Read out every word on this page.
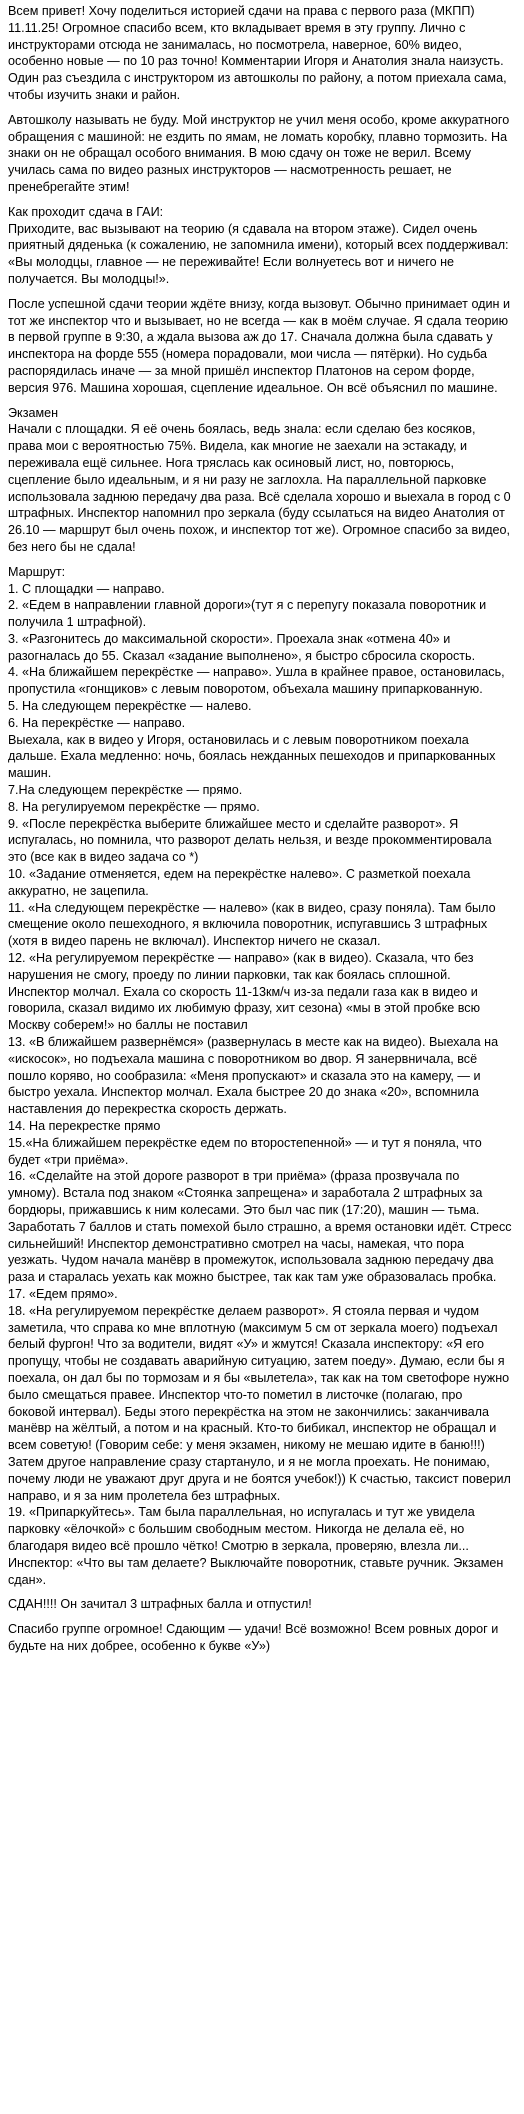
Всем привет! Хочу поделиться историей сдачи на права с первого раза (МКПП) 11.11.25! Огромное спасибо всем, кто вкладывает время в эту группу. Лично с инструкторами отсюда не занималась, но посмотрела, наверное, 60% видео, особенно новые — по 10 раз точно! Комментарии Игоря и Анатолия знала наизусть. Один раз съездила с инструктором из автошколы по району, а потом приехала сама, чтобы изучить знаки и район.

Автошколу называть не буду. Мой инструктор не учил меня особо, кроме аккуратного обращения с машиной: не ездить по ямам, не ломать коробку, плавно тормозить. На знаки он не обращал особого внимания. В мою сдачу он тоже не верил. Всему училась сама по видео разных инструкторов — насмотренность решает, не пренебрегайте этим!

Как проходит сдача в ГАИ:
Приходите, вас вызывают на теорию (я сдавала на втором этаже). Сидел очень приятный дяденька (к сожалению, не запомнила имени), который всех поддерживал: «Вы молодцы, главное — не переживайте! Если волнуетесь вот и ничего не получается. Вы молодцы!».
После успешной сдачи теории ждёте внизу, когда вызовут. Обычно принимает один и тот же инспектор что и вызывает, но не всегда — как в моём случае. Я сдала теорию в первой группе в 9:30, а ждала вызова аж до 17. Сначала должна была сдавать у инспектора на форде 555 (номера порадовали, мои числа — пятёрки). Но судьба распорядилась иначе — за мной пришёл инспектор Платонов на сером форде, версия 976. Машина хорошая, сцепление идеальное. Он всё объяснил по машине.
Экзамен
Начали с площадки. Я её очень боялась, ведь знала: если сделаю без косяков, права мои с вероятностью 75%. Видела, как многие не заехали на эстакаду, и переживала ещё сильнее. Нога тряслась как осиновый лист, но, повторюсь, сцепление было идеальным, и я ни разу не заглохла. На параллельной парковке использовала заднюю передачу два раза. Всё сделала хорошо и выехала в город с 0 штрафных. Инспектор напомнил про зеркала (буду ссылаться на видео Анатолия от 26.10 — маршрут был очень похож, и инспектор тот же). Огромное спасибо за видео, без него бы не сдала!
Маршрут:
1. С площадки — направо.
2. «Едем в направлении главной дороги»(тут я с перепугу показала поворотник и получила 1 штрафной).
3. «Разгонитесь до максимальной скорости». Проехала знак «отмена 40» и разогналась до 55. Сказал «задание выполнено», я быстро сбросила скорость.
4. «На ближайшем перекрёстке — направо». Ушла в крайнее правое, остановилась, пропустила «гонщиков» с левым поворотом, объехала машину припаркованную.
5. На следующем перекрёстке — налево.
6. На перекрёстке — направо.
Выехала, как в видео у Игоря, остановилась и с левым поворотником поехала дальше. Ехала медленно: ночь, боялась нежданных пешеходов и припаркованных машин.
7.На следующем перекрёстке — прямо.
8. На регулируемом перекрёстке — прямо.
9. «После перекрёстка выберите ближайшее место и сделайте разворот». Я испугалась, но помнила, что разворот делать нельзя, и везде прокомментировала это (все как в видео задача со *)
10. «Задание отменяется, едем на перекрёстке налево». С разметкой поехала аккуратно, не зацепила.
11. «На следующем перекрёстке — налево» (как в видео, сразу поняла). Там было смещение около пешеходного, я включила поворотник, испугавшись 3 штрафных (хотя в видео парень не включал). Инспектор ничего не сказал.
12. «На регулируемом перекрёстке — направо» (как в видео). Сказала, что без нарушения не смогу, проеду по линии парковки, так как боялась сплошной. Инспектор молчал. Ехала со скорость 11-13км/ч из-за педали газа как в видео и говорила, сказал видимо их любимую фразу, хит сезона) «мы в этой пробке всю Москву соберем!» но баллы не поставил
13. «В ближайшем развернёмся» (развернулась в месте как на видео). Выехала на «искосок», но подъехала машина с поворотником во двор. Я занервничала, всё пошло коряво, но сообразила: «Меня пропускают» и сказала это на камеру, — и быстро уехала. Инспектор молчал. Ехала быстрее 20 до знака «20», вспомнила наставления до перекрестка скорость держать.
14. На перекрестке прямо
15.«На ближайшем перекрёстке едем по второстепенной» — и тут я поняла, что будет «три приёма».
16. «Сделайте на этой дороге разворот в три приёма» (фраза прозвучала по умному). Встала под знаком «Стоянка запрещена» и заработала 2 штрафных за бордюры, прижавшись к ним колесами. Это был час пик (17:20), машин — тьма. Заработать 7 баллов и стать помехой было страшно, а время остановки идёт. Стресс сильнейший! Инспектор демонстративно смотрел на часы, намекая, что пора уезжать. Чудом начала манёвр в промежуток, использовала заднюю передачу два раза и старалась уехать как можно быстрее, так как там уже образовалась пробка.
17. «Едем прямо».
18. «На регулируемом перекрёстке делаем разворот». Я стояла первая и чудом заметила, что справа ко мне вплотную (максимум 5 см от зеркала моего) подъехал белый фургон! Что за водители, видят «У» и жмутся! Сказала инспектору: «Я его пропущу, чтобы не создавать аварийную ситуацию, затем поеду». Думаю, если бы я поехала, он дал бы по тормозам и я бы «вылетела», так как на том светофоре нужно было смещаться правее. Инспектор что-то пометил в листочке (полагаю, про боковой интервал). Беды этого перекрёстка на этом не закончились: заканчивала манёвр на жёлтый, а потом и на красный. Кто-то бибикал, инспектор не обращал и всем советую! (Говорим себе: у меня экзамен, никому не мешаю идите в баню!!!) Затем другое направление сразу стартануло, и я не могла проехать. Не понимаю, почему люди не уважают друг друга и не боятся учебок!)) К счастью, таксист поверил направо, и я за ним пролетела без штрафных.
19. «Припаркуйтесь». Там была параллельная, но испугалась и тут же увидела парковку «ёлочкой» с большим свободным местом. Никогда не делала её, но благодаря видео всё прошло чётко! Смотрю в зеркала, проверяю, влезла ли... Инспектор: «Что вы там делаете? Выключайте поворотник, ставьте ручник. Экзамен сдан».

СДАН!!!! Он зачитал 3 штрафных балла и отпустил!

Спасибо группе огромное! Сдающим — удачи! Всё возможно! Всем ровных дорог и будьте на них добрее, особенно к букве «У»)
